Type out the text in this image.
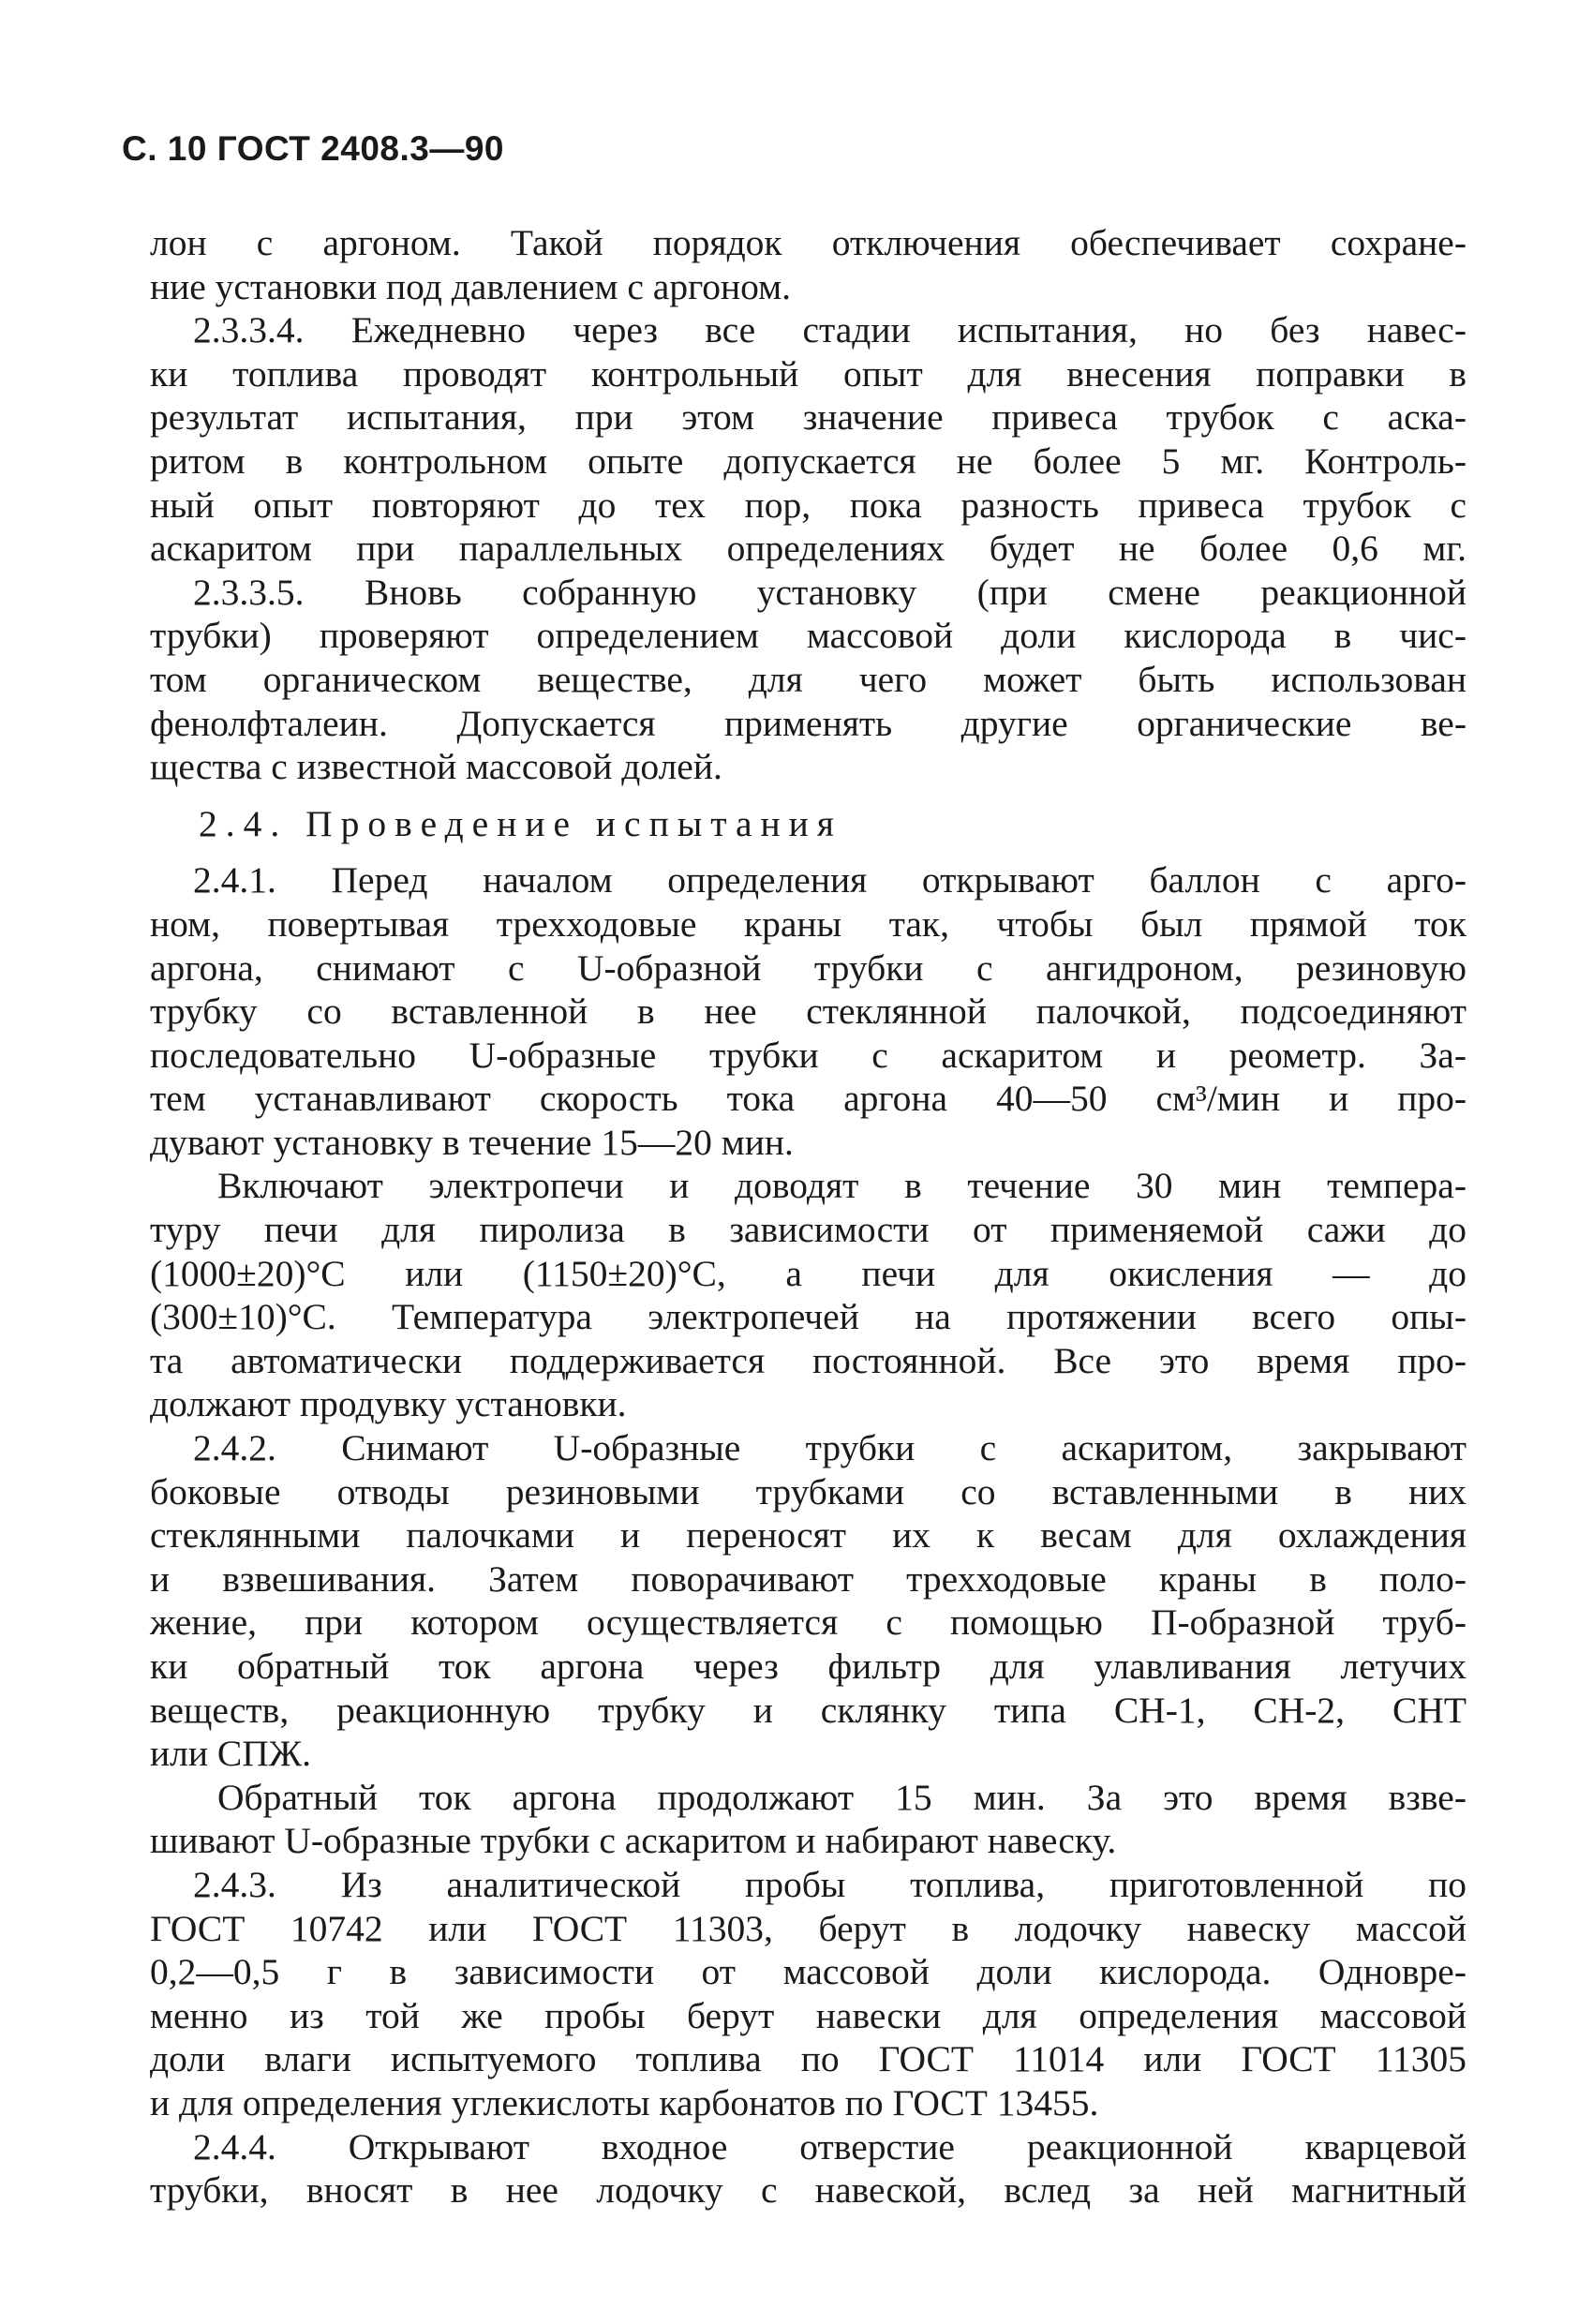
С. 10 ГОСТ 2408.3—90
лон с аргоном. Такой порядок отключения обеспечивает сохране-
ние установки под давлением с аргоном.
2.3.3.4. Ежедневно через все стадии испытания, но без навес-
ки топлива проводят контрольный опыт для внесения поправки в
результат испытания, при этом значение привеса трубок с аска-
ритом в контрольном опыте допускается не более 5 мг. Контроль-
ный опыт повторяют до тех пор, пока разность привеса трубок с
аскаритом при параллельных определениях будет не более 0,6 мг.
2.3.3.5. Вновь собранную установку (при смене реакционной
трубки) проверяют определением массовой доли кислорода в чис-
том органическом веществе, для чего может быть использован
фенолфталеин. Допускается применять другие органические ве-
щества с известной массовой долей.
2.4. Проведение испытания
2.4.1. Перед началом определения открывают баллон с арго-
ном, повертывая трехходовые краны так, чтобы был прямой ток
аргона, снимают с U-образной трубки с ангидроном, резиновую
трубку со вставленной в нее стеклянной палочкой, подсоединяют
последовательно U-образные трубки с аскаритом и реометр. За-
тем устанавливают скорость тока аргона 40—50 см³/мин и про-
дувают установку в течение 15—20 мин.
Включают электропечи и доводят в течение 30 мин темпера-
туру печи для пиролиза в зависимости от применяемой сажи до
(1000±20)°С или (1150±20)°С, а печи для окисления — до
(300±10)°С. Температура электропечей на протяжении всего опы-
та автоматически поддерживается постоянной. Все это время про-
должают продувку установки.
2.4.2. Снимают U-образные трубки с аскаритом, закрывают
боковые отводы резиновыми трубками со вставленными в них
стеклянными палочками и переносят их к весам для охлаждения
и взвешивания. Затем поворачивают трехходовые краны в поло-
жение, при котором осуществляется с помощью П-образной труб-
ки обратный ток аргона через фильтр для улавливания летучих
веществ, реакционную трубку и склянку типа СН-1, СН-2, СНТ
или СПЖ.
Обратный ток аргона продолжают 15 мин. За это время взве-
шивают U-образные трубки с аскаритом и набирают навеску.
2.4.3. Из аналитической пробы топлива, приготовленной по
ГОСТ 10742 или ГОСТ 11303, берут в лодочку навеску массой
0,2—0,5 г в зависимости от массовой доли кислорода. Одновре-
менно из той же пробы берут навески для определения массовой
доли влаги испытуемого топлива по ГОСТ 11014 или ГОСТ 11305
и для определения углекислоты карбонатов по ГОСТ 13455.
2.4.4. Открывают входное отверстие реакционной кварцевой
трубки, вносят в нее лодочку с навеской, вслед за ней магнитный
